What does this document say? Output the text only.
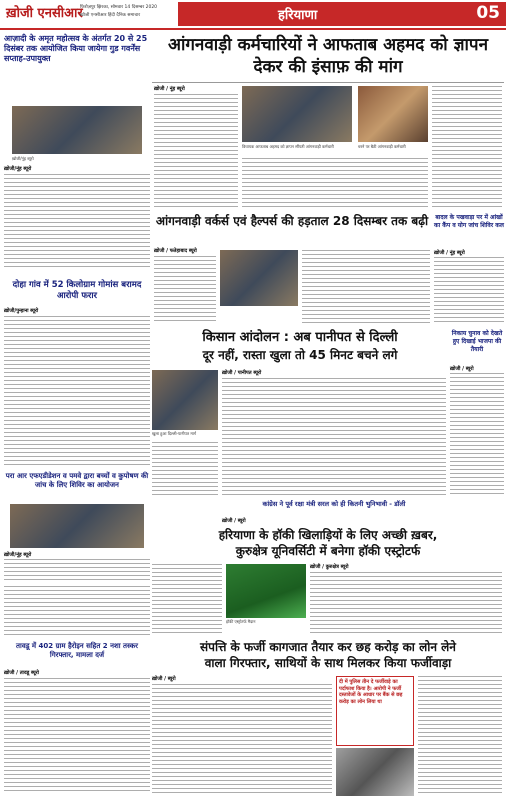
ख़ोजी एनसीआर
फ़िरोज़पुर झिरका, सोमवार 14 दिसम्बर 2020
ख़ोजी एनसीआर हिंदी दैनिक समाचार	हरियाणा	05
आज़ादी के अमृत महोत्सव के अंतर्गत 20 से 25 दिसंबर तक आयोजित किया जायेगा गुड गवर्नेंस सप्ताह-उपायुक्त
ख़ोजी/नूंह ब्यूरो
ख़ोजी/नूंह ब्यूरो
दोहा गांव में 52 किलोग्राम गोमांस बरामद आरोपी फरार
ख़ोजी/पुन्हाना ब्यूरो
परा आर एफएडीडेशन व पमवे द्वारा बच्चों व कुपोषण की जांच के लिए शिविर का आयोजन
ख़ोजी/नूंह ब्यूरो
आंगनवाड़ी कर्मचारियों ने आफताब अहमद को ज्ञापन देकर की इंसाफ़ की मांग
ख़ोजी / नूंह ब्यूरो
विधायक आफताब अहमद को ज्ञापन सौंपती आंगनवाड़ी कर्मचारी	धरने पर बैठी आंगनवाड़ी कर्मचारी
आंगनवाड़ी वर्कर्स एवं हैल्पर्स की हड़ताल 28 दिसम्बर तक बढ़ी
ख़ोजी / फतेहाबाद ब्यूरो
बादल के पखवाड़ा पर में आंखों का कैंप व योग जांच शिविर कल
ख़ोजी / नूंह ब्यूरो
किसान आंदोलन : अब पानीपत से दिल्ली
दूर नहीं, रास्ता खुला तो 45 मिनट बचने लगे
खुला हुआ दिल्ली-पानीपत मार्ग
ख़ोजी / पानीपत ब्यूरो
निकाय चुनाव को देखते हुए दिखाई भाजपा की तैयारी
ख़ोजी / ब्यूरो
कांग्रेस ने पूर्व रक्षा मंत्री सरल को ही कितनी भुनिभावी - डॉली
ख़ोजी / ब्यूरो
हरियाणा के हॉकी खिलाड़ियों के लिए अच्छी ख़बर,
कुरुक्षेत्र यूनिवर्सिटी में बनेगा हॉकी एस्ट्रोटर्फ
हॉकी एस्ट्रोटर्फ मैदान
ख़ोजी / कुरुक्षेत्र ब्यूरो
तावडू में 402 ग्राम हैरोइन सहित 2 नशा तस्कर गिरफ्तार, मामला दर्ज
ख़ोजी / तावडू ब्यूरो
संपत्ति के फर्जी कागजात तैयार कर छह करोड़ का लोन लेने
वाला गिरफ्तार, साथियों के साथ मिलकर किया फर्जीवाड़ा
ख़ोजी / ब्यूरो	दी में पुलिस तीन दे फर्जीवाड़े का पर्दाफाश किया है। आरोपी ने फर्जी दस्तावेजों के आधार पर बैंक से छह करोड़ का लोन लिया था
